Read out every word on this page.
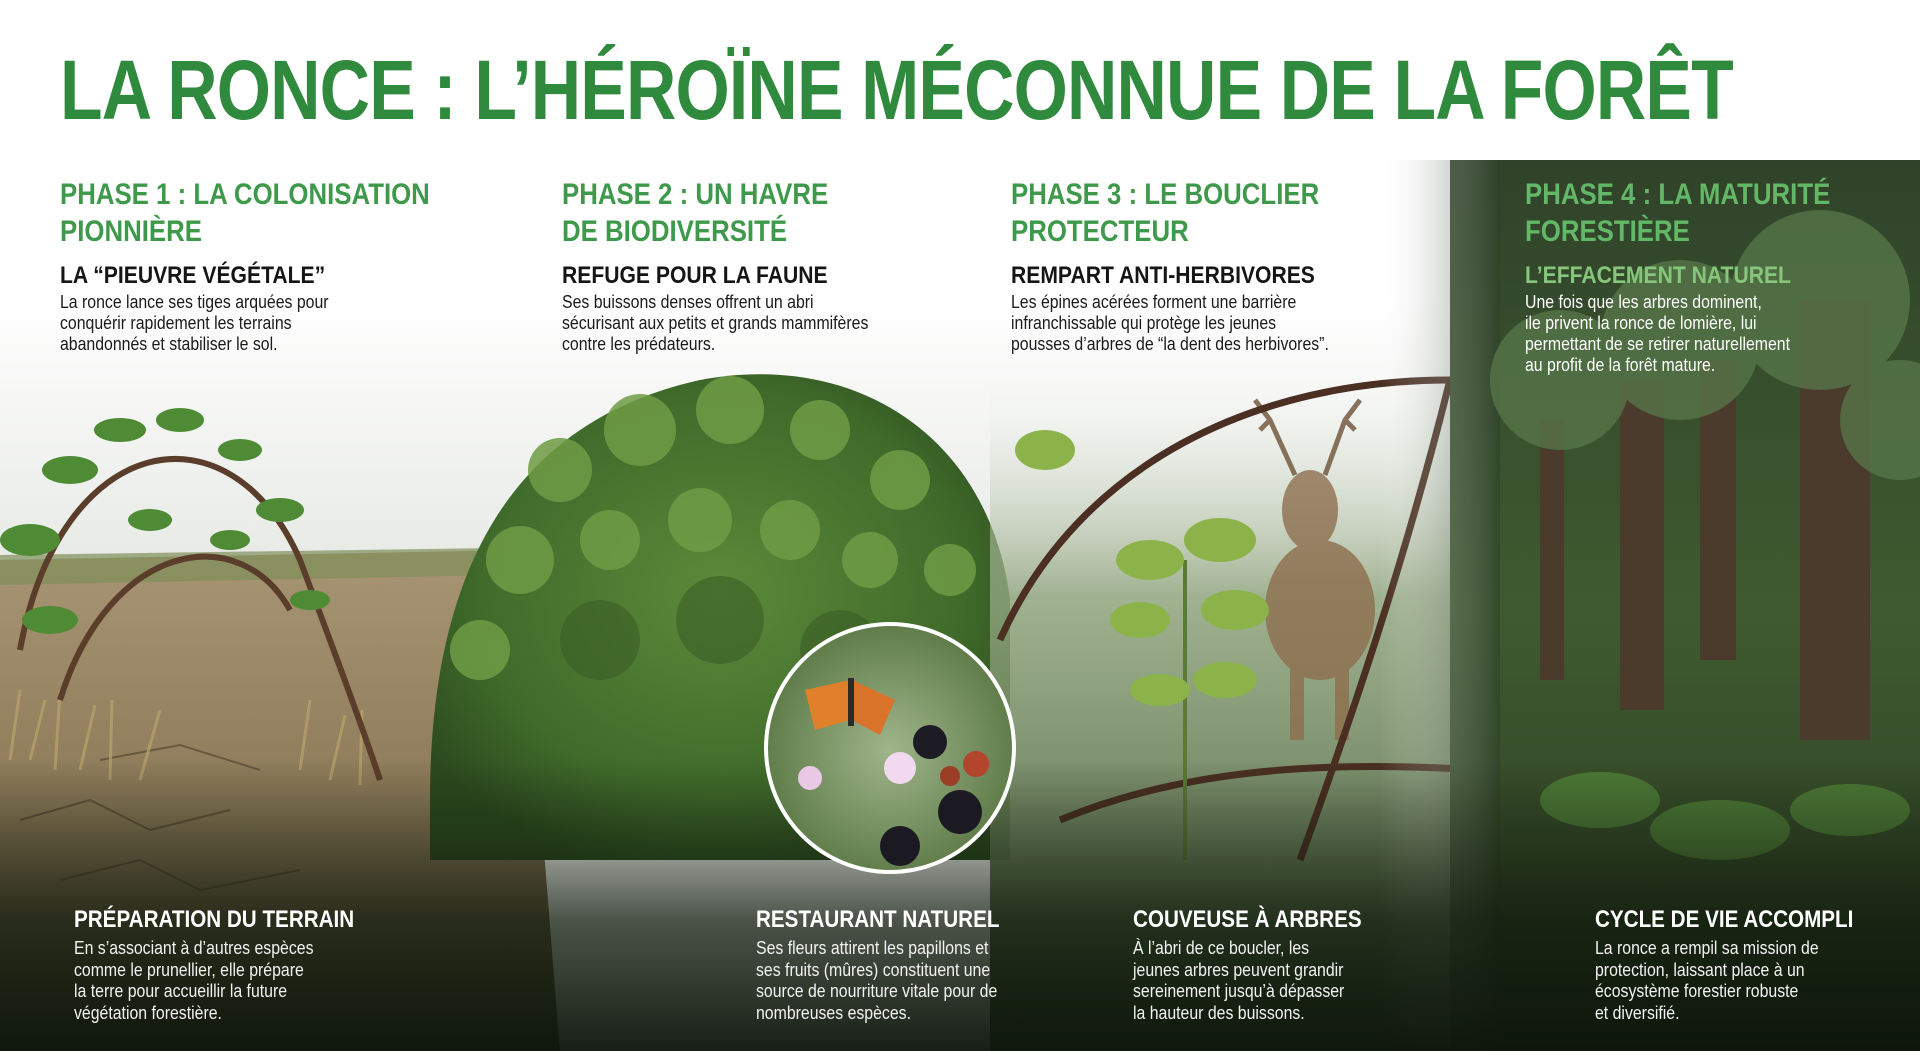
LA RONCE : L’HÉROÏNE MÉCONNUE DE LA FORÊT
PHASE 1 : LA COLONISATION
PIONNIÈRE
LA “PIEUVRE VÉGÉTALE”
La ronce lance ses tiges arquées pour
conquérir rapidement les terrains
abandonnés et stabiliser le sol.
PHASE 2 : UN HAVRE
DE BIODIVERSITÉ
REFUGE POUR LA FAUNE
Ses buissons denses offrent un abri
sécurisant aux petits et grands mammifères
contre les prédateurs.
PHASE 3 : LE BOUCLIER
PROTECTEUR
REMPART ANTI-HERBIVORES
Les épines acérées forment une barrière
infranchissable qui protège les jeunes
pousses d’arbres de “la dent des herbivores”.
PHASE 4 : LA MATURITÉ
FORESTIÈRE
L’EFFACEMENT NATUREL
Une fois que les arbres dominent,
ile privent la ronce de lomière, lui
permettant de se retirer naturellement
au profit de la forêt mature.
PRÉPARATION DU TERRAIN
En s’associant à d’autres espèces
comme le prunellier, elle prépare
la terre pour accueillir la future
végétation forestière.
RESTAURANT NATUREL
Ses fleurs attirent les papillons et
ses fruits (mûres) constituent une
source de nourriture vitale pour de
nombreuses espèces.
COUVEUSE À ARBRES
À l’abri de ce boucler, les
jeunes arbres peuvent grandir
sereinement jusqu’à dépasser
la hauteur des buissons.
CYCLE DE VIE ACCOMPLI
La ronce a rempil sa mission de
protection, laissant place à un
écosystème forestier robuste
et diversifié.
